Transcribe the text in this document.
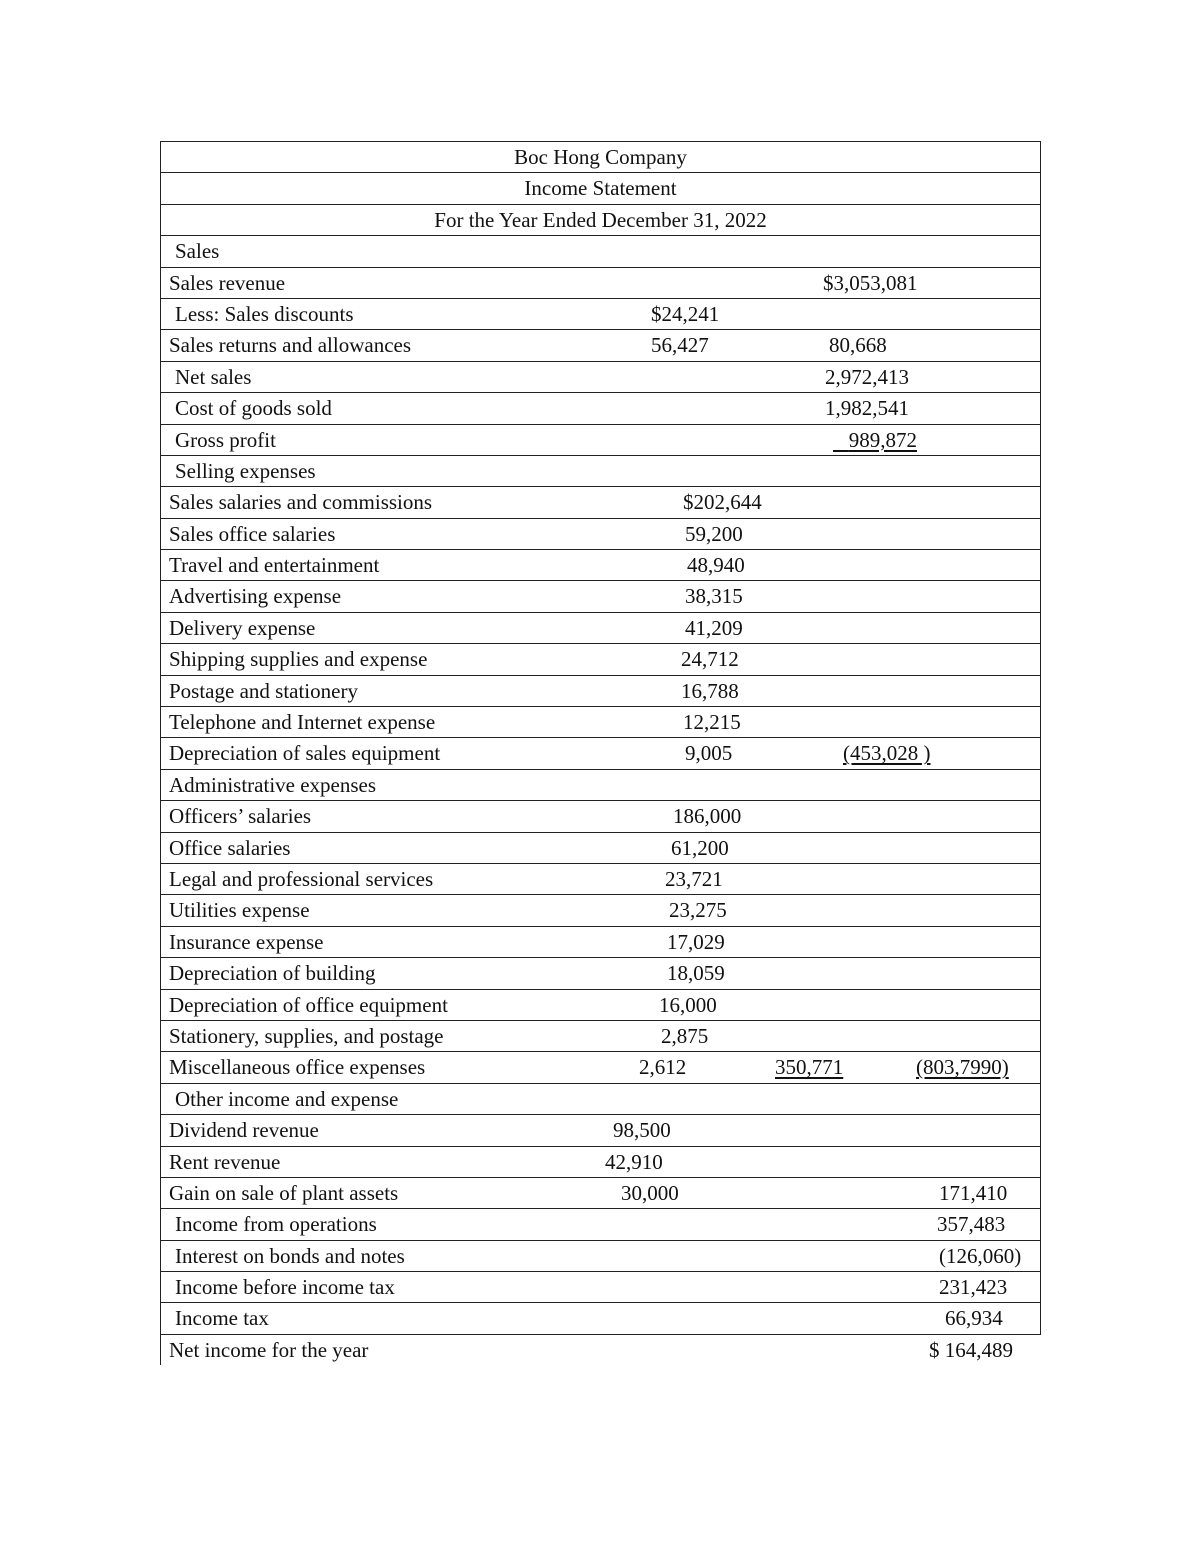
Boc Hong Company
Income Statement
For the Year Ended December 31, 2022
Sales
Sales revenue	$3,053,081
Less: Sales discounts	$24,241
Sales returns and allowances	56,427	80,668
Net sales	2,972,413
Cost of goods sold	1,982,541
Gross profit	989,872
Selling expenses
Sales salaries and commissions	$202,644
Sales office salaries	59,200
Travel and entertainment	48,940
Advertising expense	38,315
Delivery expense	41,209
Shipping supplies and expense	24,712
Postage and stationery	16,788
Telephone and Internet expense	12,215
Depreciation of sales equipment	9,005	(453,028 )
Administrative expenses
Officers’ salaries	186,000
Office salaries	61,200
Legal and professional services	23,721
Utilities expense	23,275
Insurance expense	17,029
Depreciation of building	18,059
Depreciation of office equipment	16,000
Stationery, supplies, and postage	2,875
Miscellaneous office expenses	2,612	350,771	(803,7990)
Other income and expense
Dividend revenue	98,500
Rent revenue	42,910
Gain on sale of plant assets	30,000	171,410
Income from operations	357,483
Interest on bonds and notes	(126,060)
Income before income tax	231,423
Income tax	66,934
Net income for the year	$ 164,489
